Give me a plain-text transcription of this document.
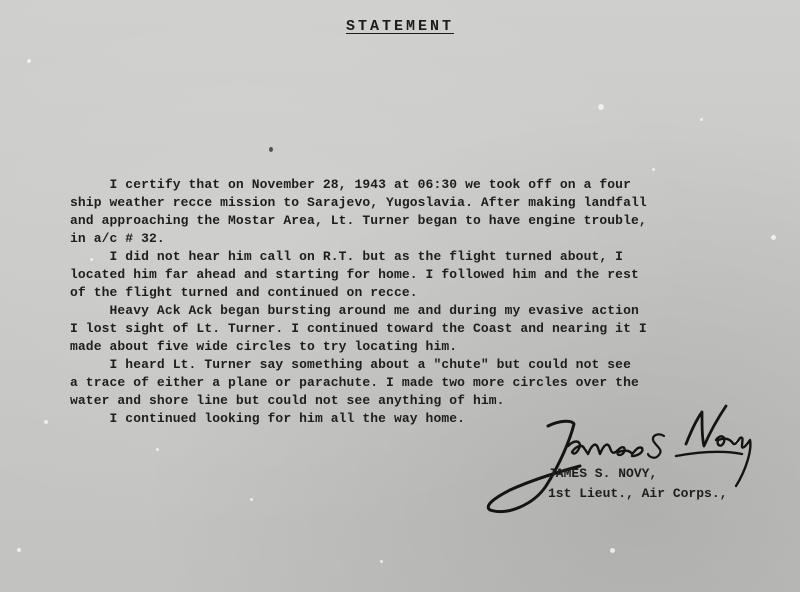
STATEMENT
I certify that on November 28, 1943 at 06:30 we took off on a four
ship weather recce mission to Sarajevo, Yugoslavia. After making landfall
and approaching the Mostar Area, Lt. Turner began to have engine trouble,
in a/c # 32.
I did not hear him call on R.T. but as the flight turned about, I
located him far ahead and starting for home. I followed him and the rest
of the flight turned and continued on recce.
Heavy Ack Ack began bursting around me and during my evasive action
I lost sight of Lt. Turner. I continued toward the Coast and nearing it I
made about five wide circles to try locating him.
I heard Lt. Turner say something about a "chute" but could not see
a trace of either a plane or parachute. I made two more circles over the
water and shore line but could not see anything of him.
I continued looking for him all the way home.
JAMES S. NOVY,
1st Lieut., Air Corps.,
